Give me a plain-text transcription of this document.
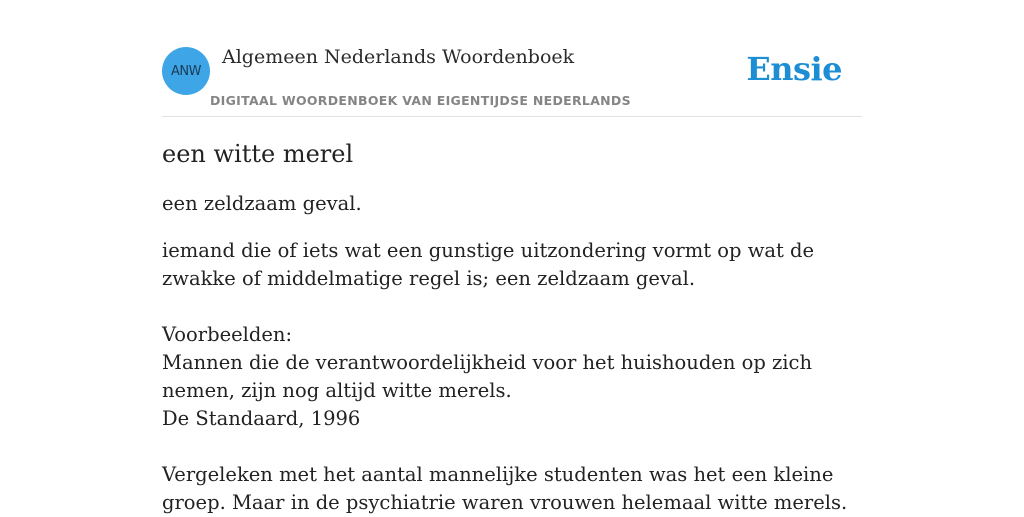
ANW
Algemeen Nederlands Woordenboek
DIGITAAL WOORDENBOEK VAN EIGENTIJDSE NEDERLANDS
Ensie
een witte merel

een zeldzaam geval.

iemand die of iets wat een gunstige uitzondering vormt op wat de zwakke of middelmatige regel is; een zeldzaam geval.

Voorbeelden:

Mannen die de verantwoordelijkheid voor het huishouden op zich nemen, zijn nog altijd witte merels.

De Standaard, 1996

Vergeleken met het aantal mannelijke studenten was het een kleine groep. Maar in de psychiatrie waren vrouwen helemaal witte merels.
